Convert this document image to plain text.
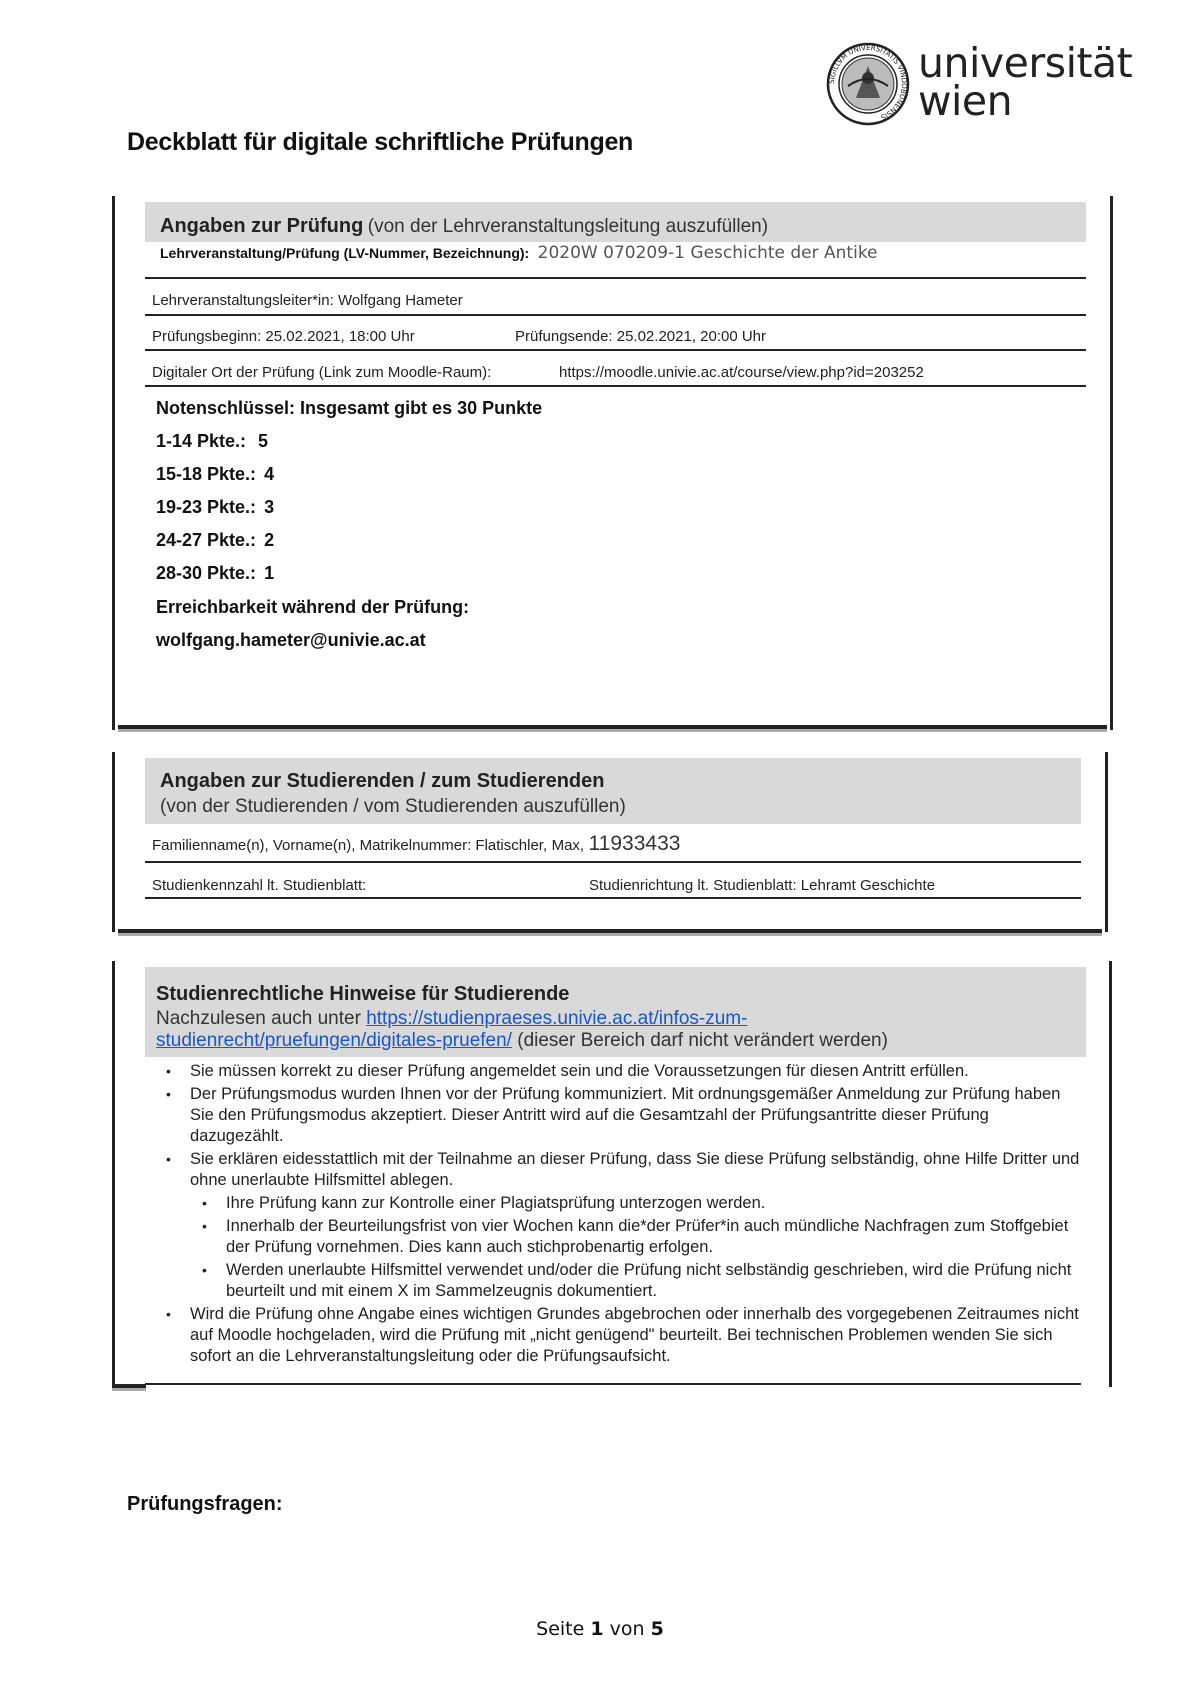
SIGILLVM UNIVERSITATIS VINDOBONENSIS
universität
wien
Deckblatt für digitale schriftliche Prüfungen
Angaben zur Prüfung (von der Lehrveranstaltungsleitung auszufüllen)
Lehrveranstaltung/Prüfung (LV-Nummer, Bezeichnung): 2020W 070209-1 Geschichte der Antike
Lehrveranstaltungsleiter*in: Wolfgang Hameter
Prüfungsbeginn: 25.02.2021, 18:00 Uhr	Prüfungsende: 25.02.2021, 20:00 Uhr
Digitaler Ort der Prüfung (Link zum Moodle-Raum):	https://moodle.univie.ac.at/course/view.php?id=203252
Notenschlüssel: Insgesamt gibt es 30 Punkte
1-14 Pkte.: 5
15-18 Pkte.: 4
19-23 Pkte.: 3
24-27 Pkte.: 2
28-30 Pkte.: 1
Erreichbarkeit während der Prüfung:
wolfgang.hameter@univie.ac.at
Angaben zur Studierenden / zum Studierenden
(von der Studierenden / vom Studierenden auszufüllen)
Familienname(n), Vorname(n), Matrikelnummer: Flatischler, Max, 11933433
Studienkennzahl lt. Studienblatt:	Studienrichtung lt. Studienblatt: Lehramt Geschichte
Studienrechtliche Hinweise für Studierende
Nachzulesen auch unter https://studienpraeses.univie.ac.at/infos-zum-
studienrecht/pruefungen/digitales-pruefen/ (dieser Bereich darf nicht verändert werden)
• Sie müssen korrekt zu dieser Prüfung angemeldet sein und die Voraussetzungen für diesen Antritt erfüllen.
• Der Prüfungsmodus wurden Ihnen vor der Prüfung kommuniziert. Mit ordnungsgemäßer Anmeldung zur Prüfung haben Sie den Prüfungsmodus akzeptiert. Dieser Antritt wird auf die Gesamtzahl der Prüfungsantritte dieser Prüfung dazugezählt.
• Sie erklären eidesstattlich mit der Teilnahme an dieser Prüfung, dass Sie diese Prüfung selbständig, ohne Hilfe Dritter und ohne unerlaubte Hilfsmittel ablegen.
• Ihre Prüfung kann zur Kontrolle einer Plagiatsprüfung unterzogen werden.
• Innerhalb der Beurteilungsfrist von vier Wochen kann die*der Prüfer*in auch mündliche Nachfragen zum Stoffgebiet der Prüfung vornehmen. Dies kann auch stichprobenartig erfolgen.
• Werden unerlaubte Hilfsmittel verwendet und/oder die Prüfung nicht selbständig geschrieben, wird die Prüfung nicht beurteilt und mit einem X im Sammelzeugnis dokumentiert.
• Wird die Prüfung ohne Angabe eines wichtigen Grundes abgebrochen oder innerhalb des vorgegebenen Zeitraumes nicht auf Moodle hochgeladen, wird die Prüfung mit „nicht genügend" beurteilt. Bei technischen Problemen wenden Sie sich sofort an die Lehrveranstaltungsleitung oder die Prüfungsaufsicht.
Prüfungsfragen:
Seite 1 von 5
